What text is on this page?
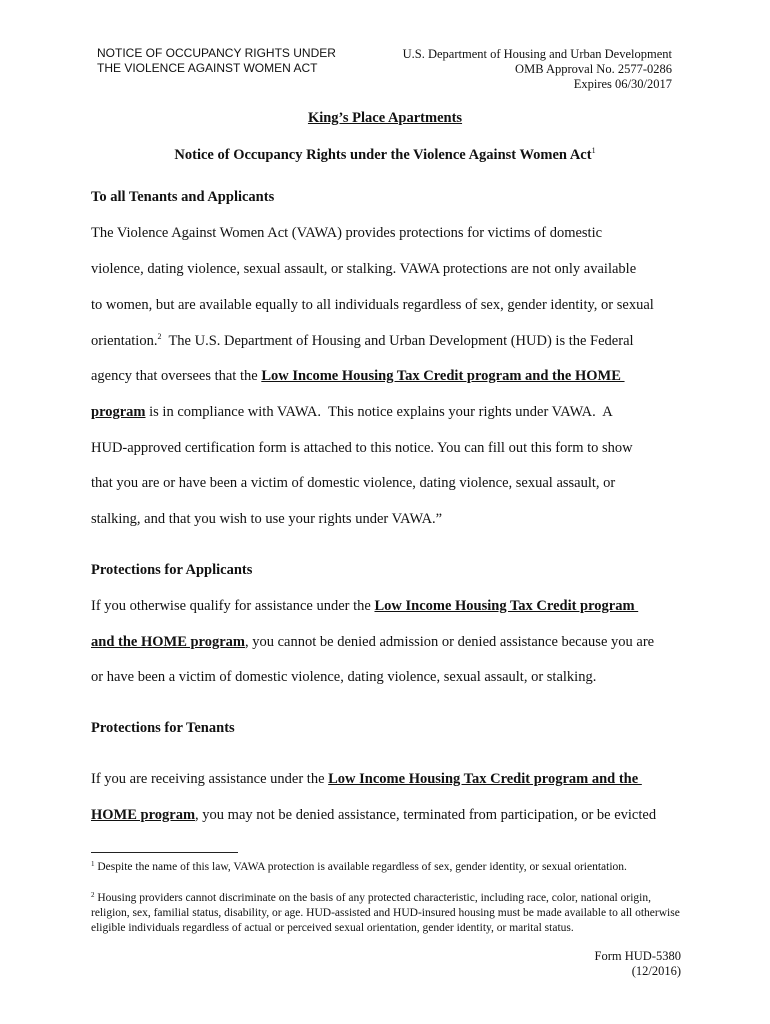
NOTICE OF OCCUPANCY RIGHTS UNDER
THE VIOLENCE AGAINST WOMEN ACT
U.S. Department of Housing and Urban Development
OMB Approval No. 2577-0286
Expires 06/30/2017
King’s Place Apartments
Notice of Occupancy Rights under the Violence Against Women Act$^1$
To all Tenants and Applicants
The Violence Against Women Act (VAWA) provides protections for victims of domestic
violence, dating violence, sexual assault, or stalking. VAWA protections are not only available
to women, but are available equally to all individuals regardless of sex, gender identity, or sexual
orientation.$^2$  The U.S. Department of Housing and Urban Development (HUD) is the Federal
agency that oversees that the Low Income Housing Tax Credit program and the HOME
program is in compliance with VAWA.  This notice explains your rights under VAWA.  A
HUD-approved certification form is attached to this notice. You can fill out this form to show
that you are or have been a victim of domestic violence, dating violence, sexual assault, or
stalking, and that you wish to use your rights under VAWA.”
Protections for Applicants
If you otherwise qualify for assistance under the Low Income Housing Tax Credit program
and the HOME program, you cannot be denied admission or denied assistance because you are
or have been a victim of domestic violence, dating violence, sexual assault, or stalking.
Protections for Tenants
If you are receiving assistance under the Low Income Housing Tax Credit program and the
HOME program, you may not be denied assistance, terminated from participation, or be evicted
$^1$ Despite the name of this law, VAWA protection is available regardless of sex, gender identity, or sexual orientation.
$^2$ Housing providers cannot discriminate on the basis of any protected characteristic, including race, color, national origin, religion, sex, familial status, disability, or age. HUD-assisted and HUD-insured housing must be made available to all otherwise eligible individuals regardless of actual or perceived sexual orientation, gender identity, or marital status.
Form HUD-5380
(12/2016)
